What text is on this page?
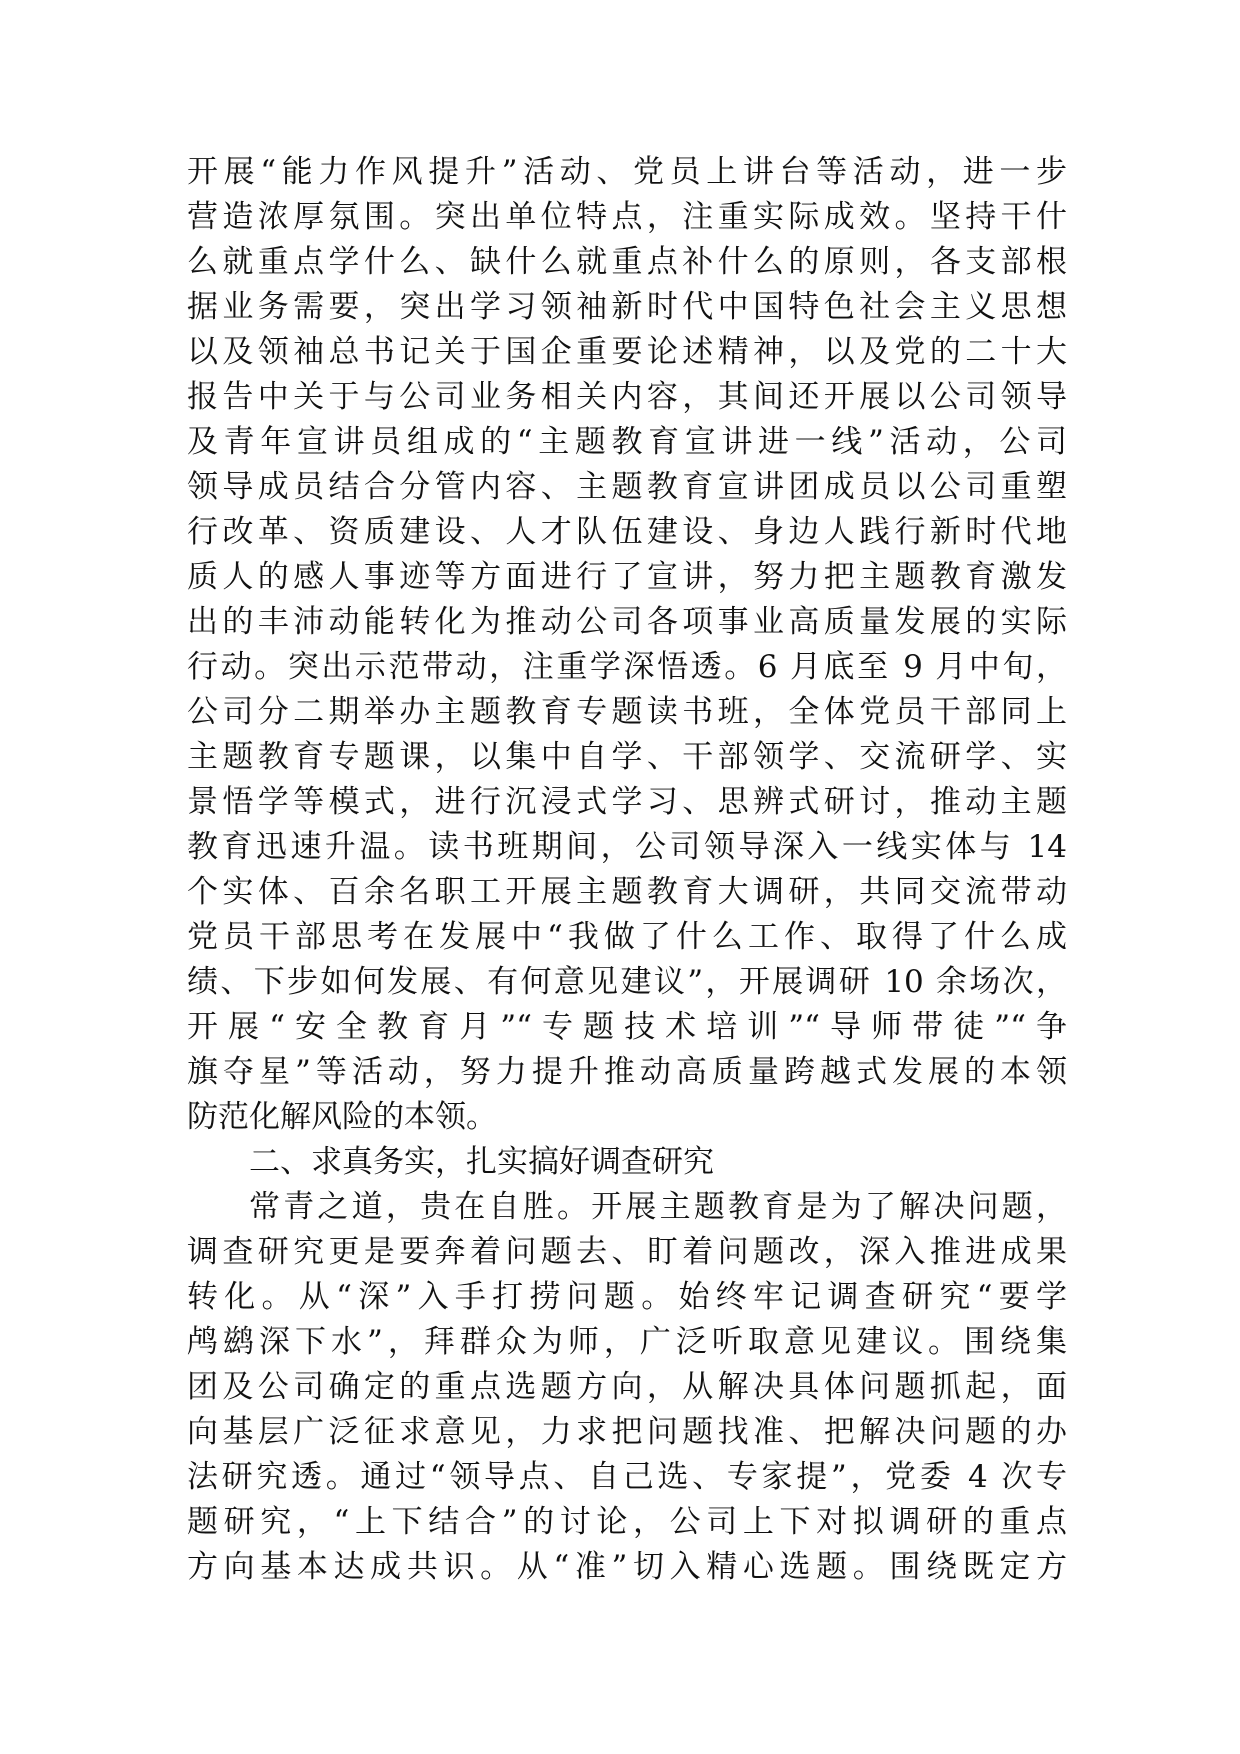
开展“能力作风提升”活动、党员上讲台等活动，进一步
营造浓厚氛围。突出单位特点，注重实际成效。坚持干什
么就重点学什么、缺什么就重点补什么的原则，各支部根
据业务需要，突出学习领袖新时代中国特色社会主义思想
以及领袖总书记关于国企重要论述精神，以及党的二十大
报告中关于与公司业务相关内容，其间还开展以公司领导
及青年宣讲员组成的“主题教育宣讲进一线”活动，公司
领导成员结合分管内容、主题教育宣讲团成员以公司重塑
行改革、资质建设、人才队伍建设、身边人践行新时代地
质人的感人事迹等方面进行了宣讲，努力把主题教育激发
出的丰沛动能转化为推动公司各项事业高质量发展的实际
行动。突出示范带动，注重学深悟透。6 月底至 9 月中旬，
公司分二期举办主题教育专题读书班，全体党员干部同上
主题教育专题课，以集中自学、干部领学、交流研学、实
景悟学等模式，进行沉浸式学习、思辨式研讨，推动主题
教育迅速升温。读书班期间，公司领导深入一线实体与 14
个实体、百余名职工开展主题教育大调研，共同交流带动
党员干部思考在发展中“我做了什么工作、取得了什么成
绩、下步如何发展、有何意见建议”，开展调研 10 余场次，
开展“安全教育月”“专题技术培训”“导师带徒”“争
旗夺星”等活动，努力提升推动高质量跨越式发展的本领
防范化解风险的本领。
二、求真务实，扎实搞好调查研究
常青之道，贵在自胜。开展主题教育是为了解决问题，
调查研究更是要奔着问题去、盯着问题改，深入推进成果
转化。从“深”入手打捞问题。始终牢记调查研究“要学
鸬鹚深下水”，拜群众为师，广泛听取意见建议。围绕集
团及公司确定的重点选题方向，从解决具体问题抓起，面
向基层广泛征求意见，力求把问题找准、把解决问题的办
法研究透。通过“领导点、自己选、专家提”，党委 4 次专
题研究，“上下结合”的讨论，公司上下对拟调研的重点
方向基本达成共识。从“准”切入精心选题。围绕既定方
